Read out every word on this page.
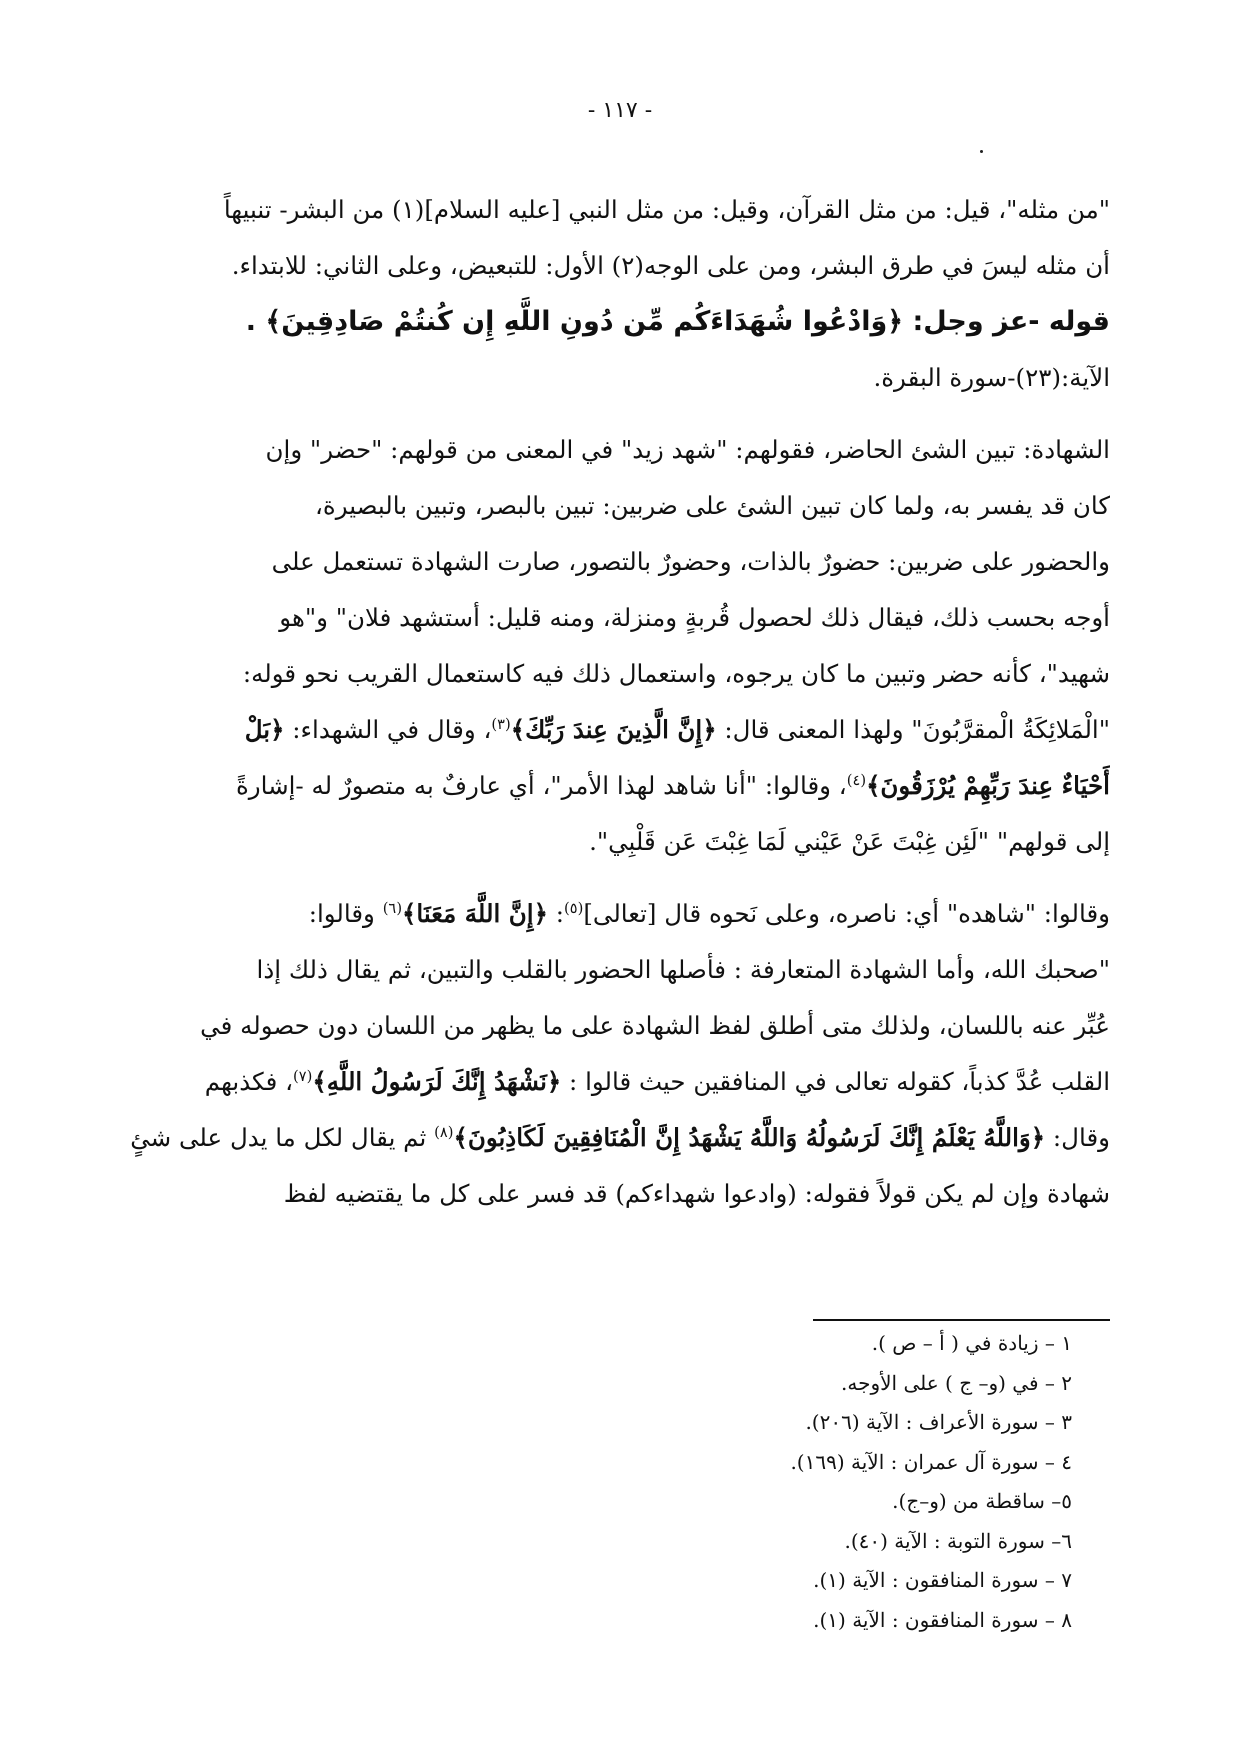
- ١١٧ -
"من مثله"، قيل: من مثل القرآن، وقيل: من مثل النبي [عليه السلام](١) من البشر- تنبيهاً
أن مثله ليسَ في طرق البشر، ومن على الوجه(٢) الأول: للتبعيض، وعلى الثاني: للابتداء.
قوله -عز وجل: ﴿وَادْعُوا شُهَدَاءَكُم مِّن دُونِ اللَّهِ إِن كُنتُمْ صَادِقِينَ﴾ .
الآية:(٢٣)-سورة البقرة.
الشهادة: تبين الشئ الحاضر، فقولهم: "شهد زيد" في المعنى من قولهم: "حضر" وإن
كان قد يفسر به، ولما كان تبين الشئ على ضربين: تبين بالبصر، وتبين بالبصيرة،
والحضور على ضربين: حضورٌ بالذات، وحضورٌ بالتصور، صارت الشهادة تستعمل على
أوجه بحسب ذلك، فيقال ذلك لحصول قُربةٍ ومنزلة، ومنه قليل: أستشهد فلان" و"هو
شهيد"، كأنه حضر وتبين ما كان يرجوه، واستعمال ذلك فيه كاستعمال القريب نحو قوله:
"الْمَلائِكَةُ الْمقرَّبُونَ" ولهذا المعنى قال: ﴿إِنَّ الَّذِينَ عِندَ رَبِّكَ﴾$^{(٣)}$، وقال في الشهداء: ﴿بَلْ
أَحْيَاءٌ عِندَ رَبِّهِمْ يُرْزَقُونَ﴾$^{(٤)}$، وقالوا: "أنا شاهد لهذا الأمر"، أي عارفٌ به متصورٌ له -إشارةً
إلى قولهم" "لَئِن غِبْتَ عَنْ عَيْني لَمَا غِبْتَ عَن قَلْبِي".
وقالوا: "شاهده" أي: ناصره، وعلى نَحوه قال [تعالى]$^{(٥)}$: ﴿إِنَّ اللَّهَ مَعَنَا﴾$^{(٦)}$ وقالوا:
"صحبك الله، وأما الشهادة المتعارفة : فأصلها الحضور بالقلب والتبين، ثم يقال ذلك إذا
عُبِّر عنه باللسان، ولذلك متى أطلق لفظ الشهادة على ما يظهر من اللسان دون حصوله في
القلب عُدَّ كذباً، كقوله تعالى في المنافقين حيث قالوا : ﴿نَشْهَدُ إِنَّكَ لَرَسُولُ اللَّهِ﴾$^{(٧)}$، فكذبهم
وقال: ﴿وَاللَّهُ يَعْلَمُ إِنَّكَ لَرَسُولُهُ وَاللَّهُ يَشْهَدُ إِنَّ الْمُنَافِقِينَ لَكَاذِبُونَ﴾$^{(٨)}$ ثم يقال لكل ما يدل على شئٍ
شهادة وإن لم يكن قولاً فقوله: (وادعوا شهداءكم) قد فسر على كل ما يقتضيه لفظ
١ – زيادة في ( أ – ص ).
٢ – في (و– ج ) على الأوجه.
٣ – سورة الأعراف : الآية (٢٠٦).
٤ – سورة آل عمران : الآية (١٦٩).
٥– ساقطة من (و–ج).
٦– سورة التوبة : الآية (٤٠).
٧ – سورة المنافقون : الآية (١).
٨ – سورة المنافقون : الآية (١).
